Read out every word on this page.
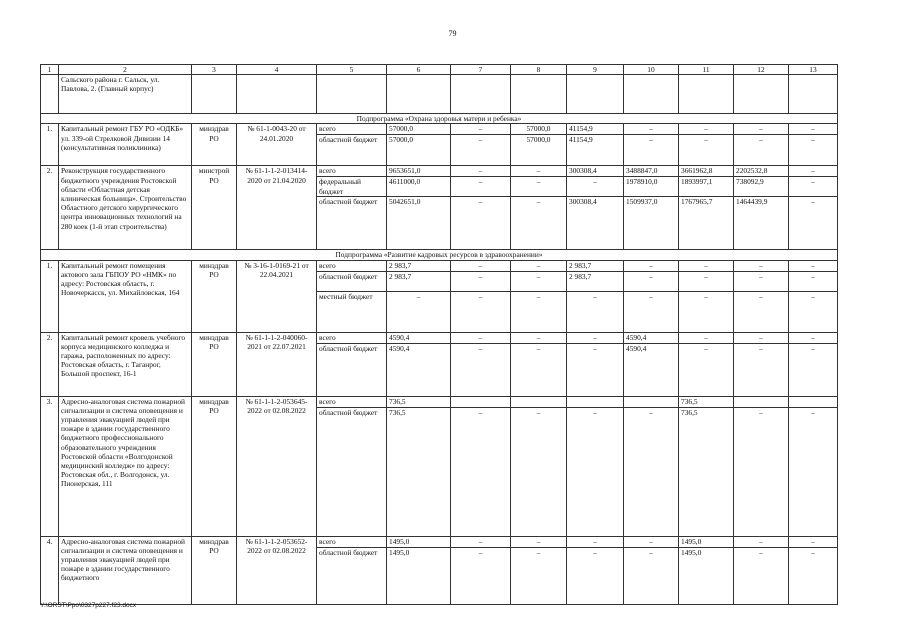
79
1	2	3	4	5	6	7	8	9	10	11	12	13
	Сальского района г. Сальск, ул. Павлова, 2. (Главный корпус)											
Подпрограмма «Охрана здоровья матери и ребенка»												
1.	Капитальный ремонт ГБУ РО «ОДКБ» ул. 339-ой Стрелковой Дивизии 14 (консультативная поликлиника)	минздрав РО	№ 61-1-0043-20 от 24.01.2020	всего	57000,0	–	57000,0	41154,9	–	–	–	–
				областной бюджет	57000,0	–	57000,0	41154,9	–	–	–	–
2.	Реконструкция государственного бюджетного учреждения Ростовской области «Областная детская клиническая больница». Строительство Областного детского хирургического центра инновационных технологий на 280 коек (1-й этап строительства)	минстрой РО	№ 61-1-1-2-013414-2020 от 21.04.2020	всего	9653651,0	–	–	300308,4	3488847,0	3661962,8	2202532,8	–
				федеральный бюджет	4611000,0	–	–	–	1978910,0	1893997,1	738092,9	–
				областной бюджет	5042651,0	–	–	300308,4	1509937,0	1767965,7	1464439,9	–
Подпрограмма «Развитие кадровых ресурсов в здравоохранении»												
1.	Капитальный ремонт помещения актового зала ГБПОУ РО «НМК» по адресу: Ростовская область, г. Новочеркасск, ул. Михайловская, 164	минздрав РО	№ 3-16-1-0169-21 от 22.04.2021	всего	2 983,7	–	–	2 983,7	–	–	–	–
				областной бюджет	2 983,7	–	–	2 983,7	–	–	–	–
				местный бюджет	–	–	–	–	–	–	–	–
2.	Капитальный ремонт кровель учебного корпуса медицинского колледжа и гаража, расположенных по адресу: Ростовская область, г. Таганрог, Большой проспект, 16-1	минздрав РО	№ 61-1-1-2-040060-2021 от 22.07.2021	всего	4590,4	–	–	–	4590,4	–	–	–
				областной бюджет	4590,4	–	–	–	4590,4	–	–	–
3.	Адресно-аналоговая система пожарной сигнализации и система оповещения и управления эвакуацией людей при пожаре в здании государственного бюджетного профессионального образовательного учреждения Ростовской области «Волгодонской медицинский колледж» по адресу: Ростовская обл., г. Волгодонск, ул. Пионерская, 111	минздрав РО	№ 61-1-1-2-053645-2022 от 02.08.2022	всего	736,5					736,5		
				областной бюджет	736,5	–	–	–	–	736,5	–	–
4.	Адресно-аналоговая система пожарной сигнализации и система оповещения и управления эвакуацией людей при пожаре в здании государственного бюджетного	минздрав РО	№ 61-1-1-2-053652-2022 от 02.08.2022	всего	1495,0	–	–	–	–	1495,0	–	–
				областной бюджет	1495,0	–	–	–	–	1495,0	–	–
Y:\ORST\Ppo\0327p227.f23.docx
